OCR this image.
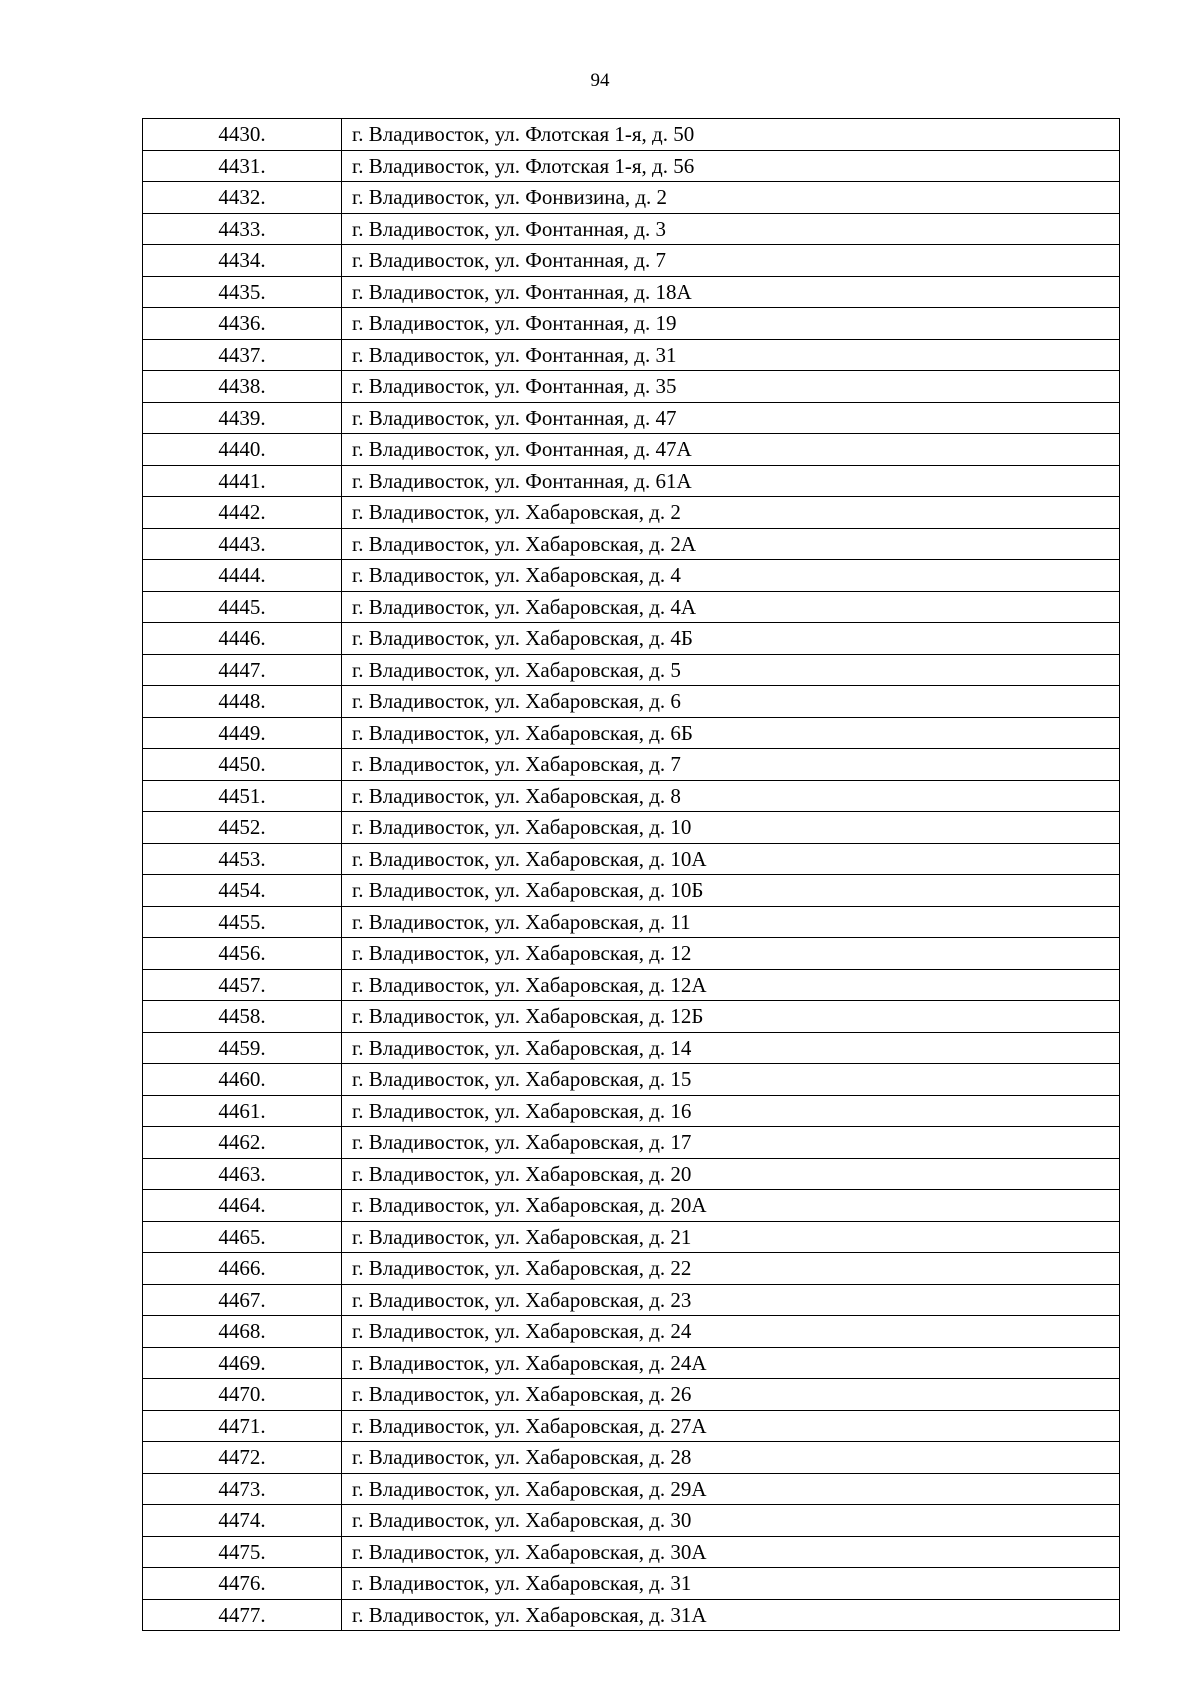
94
4430.	г. Владивосток, ул. Флотская 1-я, д. 50
4431.	г. Владивосток, ул. Флотская 1-я, д. 56
4432.	г. Владивосток, ул. Фонвизина, д. 2
4433.	г. Владивосток, ул. Фонтанная, д. 3
4434.	г. Владивосток, ул. Фонтанная, д. 7
4435.	г. Владивосток, ул. Фонтанная, д. 18А
4436.	г. Владивосток, ул. Фонтанная, д. 19
4437.	г. Владивосток, ул. Фонтанная, д. 31
4438.	г. Владивосток, ул. Фонтанная, д. 35
4439.	г. Владивосток, ул. Фонтанная, д. 47
4440.	г. Владивосток, ул. Фонтанная, д. 47А
4441.	г. Владивосток, ул. Фонтанная, д. 61А
4442.	г. Владивосток, ул. Хабаровская, д. 2
4443.	г. Владивосток, ул. Хабаровская, д. 2А
4444.	г. Владивосток, ул. Хабаровская, д. 4
4445.	г. Владивосток, ул. Хабаровская, д. 4А
4446.	г. Владивосток, ул. Хабаровская, д. 4Б
4447.	г. Владивосток, ул. Хабаровская, д. 5
4448.	г. Владивосток, ул. Хабаровская, д. 6
4449.	г. Владивосток, ул. Хабаровская, д. 6Б
4450.	г. Владивосток, ул. Хабаровская, д. 7
4451.	г. Владивосток, ул. Хабаровская, д. 8
4452.	г. Владивосток, ул. Хабаровская, д. 10
4453.	г. Владивосток, ул. Хабаровская, д. 10А
4454.	г. Владивосток, ул. Хабаровская, д. 10Б
4455.	г. Владивосток, ул. Хабаровская, д. 11
4456.	г. Владивосток, ул. Хабаровская, д. 12
4457.	г. Владивосток, ул. Хабаровская, д. 12А
4458.	г. Владивосток, ул. Хабаровская, д. 12Б
4459.	г. Владивосток, ул. Хабаровская, д. 14
4460.	г. Владивосток, ул. Хабаровская, д. 15
4461.	г. Владивосток, ул. Хабаровская, д. 16
4462.	г. Владивосток, ул. Хабаровская, д. 17
4463.	г. Владивосток, ул. Хабаровская, д. 20
4464.	г. Владивосток, ул. Хабаровская, д. 20А
4465.	г. Владивосток, ул. Хабаровская, д. 21
4466.	г. Владивосток, ул. Хабаровская, д. 22
4467.	г. Владивосток, ул. Хабаровская, д. 23
4468.	г. Владивосток, ул. Хабаровская, д. 24
4469.	г. Владивосток, ул. Хабаровская, д. 24А
4470.	г. Владивосток, ул. Хабаровская, д. 26
4471.	г. Владивосток, ул. Хабаровская, д. 27А
4472.	г. Владивосток, ул. Хабаровская, д. 28
4473.	г. Владивосток, ул. Хабаровская, д. 29А
4474.	г. Владивосток, ул. Хабаровская, д. 30
4475.	г. Владивосток, ул. Хабаровская, д. 30А
4476.	г. Владивосток, ул. Хабаровская, д. 31
4477.	г. Владивосток, ул. Хабаровская, д. 31А
